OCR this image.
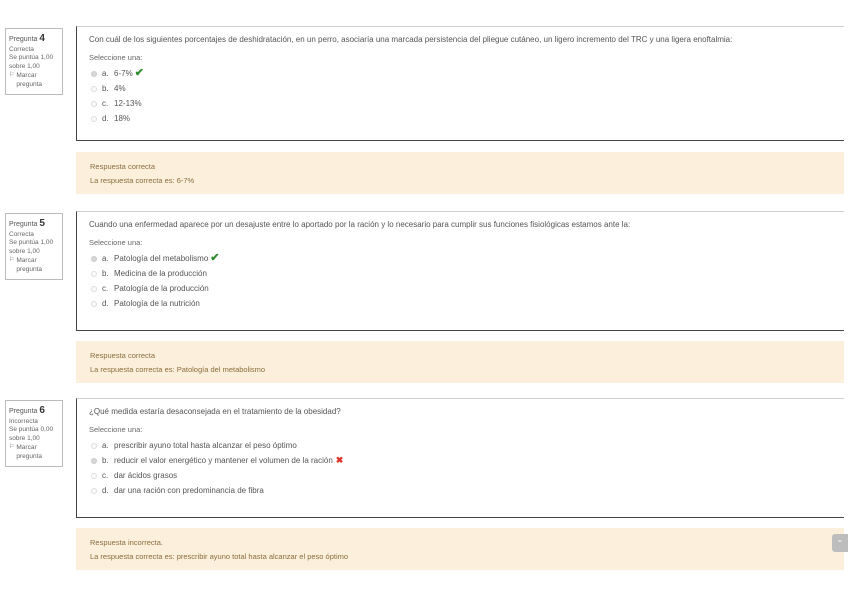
Pregunta 4
Correcta
Se puntúa 1,00 sobre 1,00
⚐ Marcar pregunta
Con cuál de los siguientes porcentajes de deshidratación, en un perro, asociaría una marcada persistencia del pliegue cutáneo, un ligero incremento del TRC y una ligera enoftalmia:
Seleccione una:
a. 6-7% ✔
b. 4%
c. 12-13%
d. 18%
Respuesta correcta
La respuesta correcta es: 6-7%
Pregunta 5
Correcta
Se puntúa 1,00 sobre 1,00
⚐ Marcar pregunta
Cuando una enfermedad aparece por un desajuste entre lo aportado por la ración y lo necesario para cumplir sus funciones fisiológicas estamos ante la:
Seleccione una:
a. Patología del metabolismo ✔
b. Medicina de la producción
c. Patología de la producción
d. Patología de la nutrición
Respuesta correcta
La respuesta correcta es: Patología del metabolismo
Pregunta 6
Incorrecta
Se puntúa 0,00 sobre 1,00
⚐ Marcar pregunta
¿Qué medida estaría desaconsejada en el tratamiento de la obesidad?
Seleccione una:
a. prescribir ayuno total hasta alcanzar el peso óptimo
b. reducir el valor energético y mantener el volumen de la ración ✖
c. dar ácidos grasos
d. dar una ración con predominancia de fibra
Respuesta incorrecta.
La respuesta correcta es: prescribir ayuno total hasta alcanzar el peso óptimo
⌃
